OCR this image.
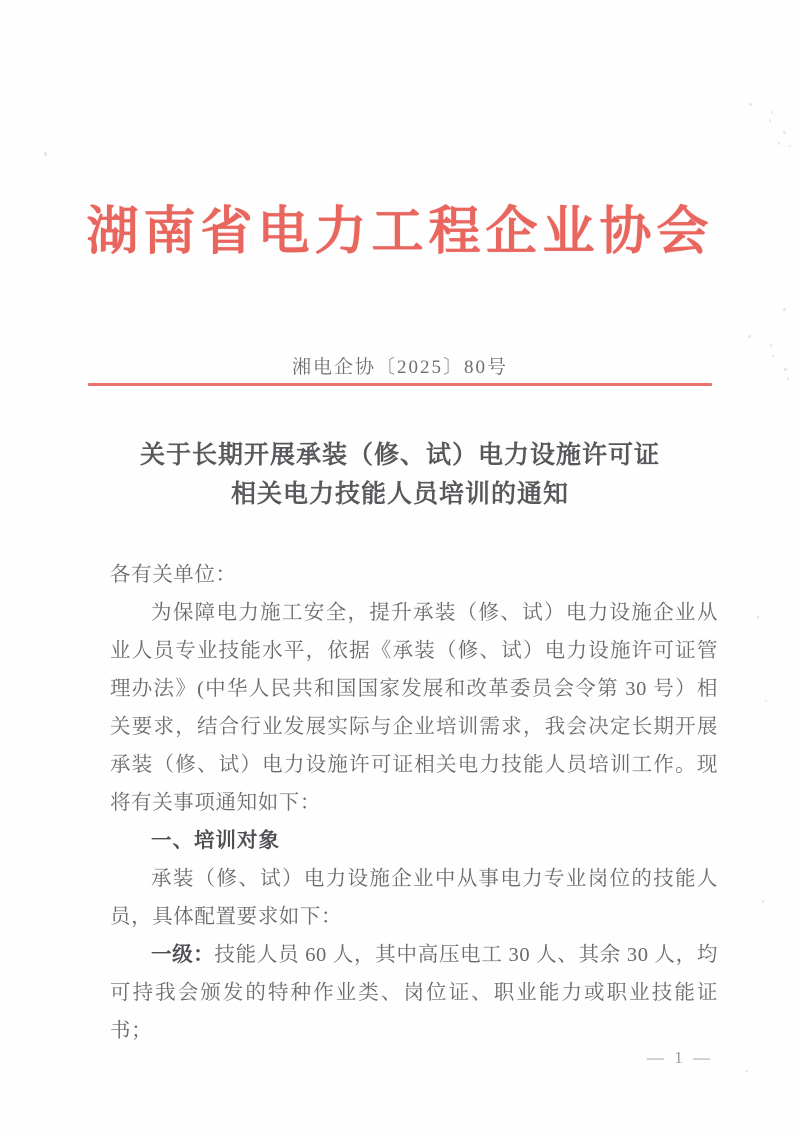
湖南省电力工程企业协会
湘电企协〔2025〕80号
关于长期开展承装（修、试）电力设施许可证
相关电力技能人员培训的通知

各有关单位：

为保障电力施工安全，提升承装（修、试）电力设施企业从业人员专业技能水平，依据《承装（修、试）电力设施许可证管理办法》(中华人民共和国国家发展和改革委员会令第 30 号）相关要求，结合行业发展实际与企业培训需求，我会决定长期开展承装（修、试）电力设施许可证相关电力技能人员培训工作。现将有关事项通知如下：

一、培训对象

承装（修、试）电力设施企业中从事电力专业岗位的技能人员，具体配置要求如下：

一级：技能人员 60 人，其中高压电工 30 人、其余 30 人，均可持我会颁发的特种作业类、岗位证、职业能力或职业技能证书；

— 1 —
